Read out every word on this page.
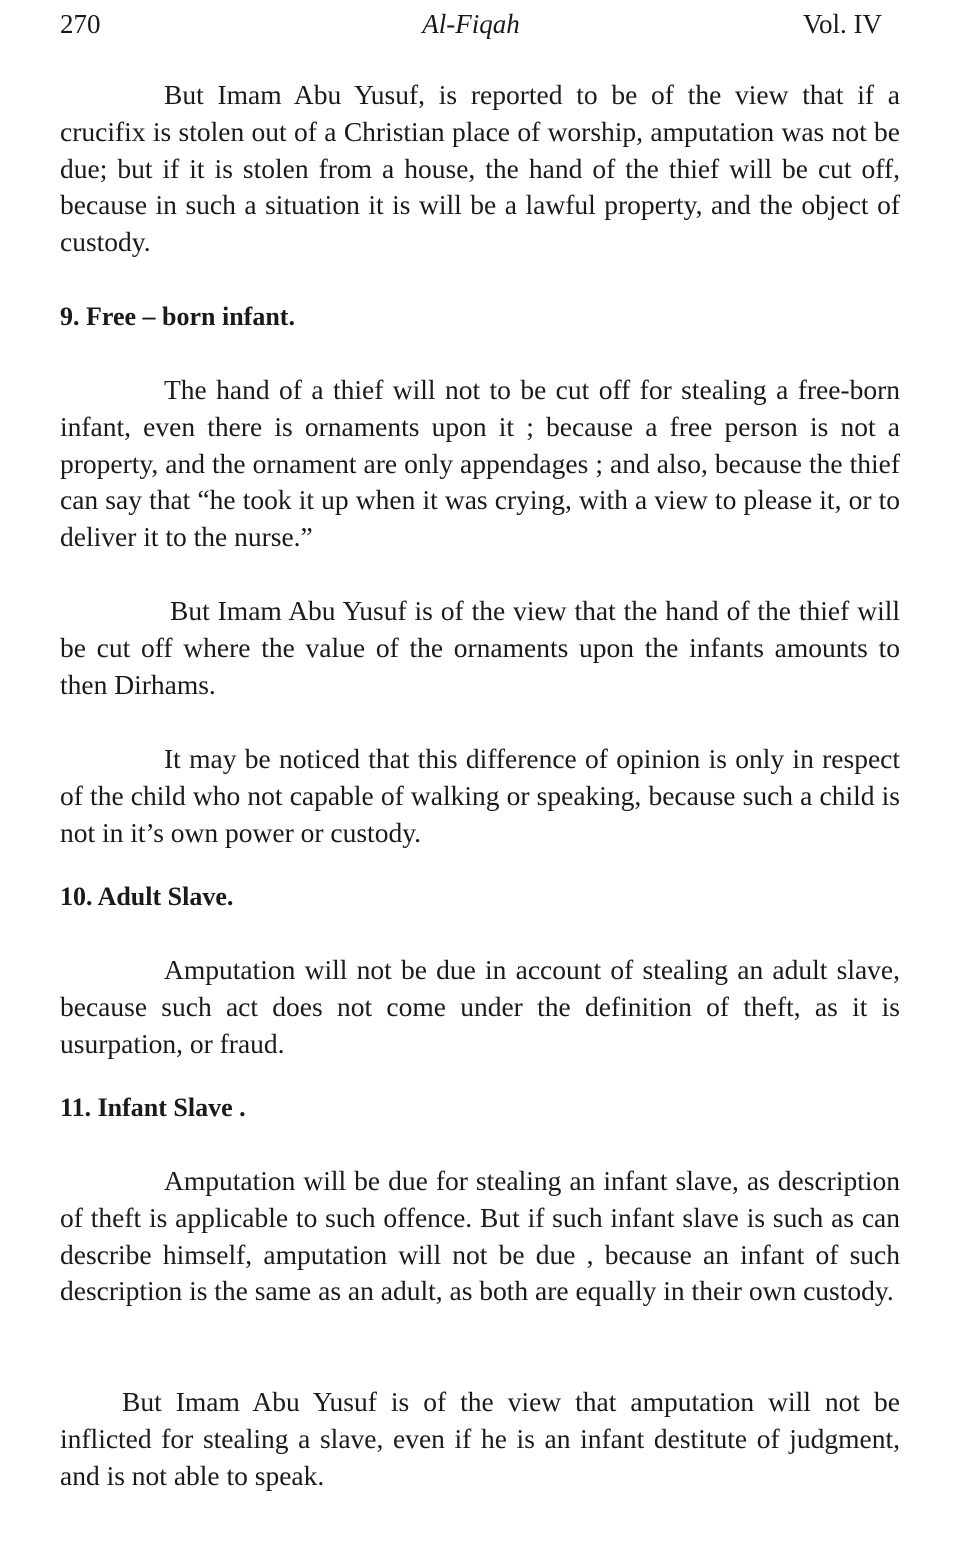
270	Al-Fiqah	Vol. IV

But Imam Abu Yusuf, is reported to be of the view that if a crucifix is stolen out of a Christian place of worship, amputation was not be due; but if it is stolen from a house, the hand of the thief will be cut off, because in such a situation it is will be a lawful property, and the object of custody.

9. Free – born infant.

The hand of a thief will not to be cut off for stealing a free-born infant, even there is ornaments upon it ; because a free person is not a property, and the ornament are only appendages ; and also, because the thief can say that “he took it up when it was crying, with a view to please it, or to deliver it to the nurse.”

But Imam Abu Yusuf is of the view that the hand of the thief will be cut off where the value of the ornaments upon the infants amounts to then Dirhams.

It may be noticed that this difference of opinion is only in respect of the child who not capable of walking or speaking, because such a child is not in it’s own power or custody.

10. Adult Slave.

Amputation will not be due in account of stealing an adult slave, because such act does not come under the definition of theft, as it is usurpation, or fraud.

11. Infant Slave .

Amputation will be due for stealing an infant slave, as description of theft is applicable to such offence. But if such infant slave is such as can describe himself, amputation will not be due , because an infant of such description is the same as an adult, as both are equally in their own custody.

But Imam Abu Yusuf is of the view that amputation will not be inflicted for stealing a slave, even if he is an infant destitute of judgment, and is not able to speak.
